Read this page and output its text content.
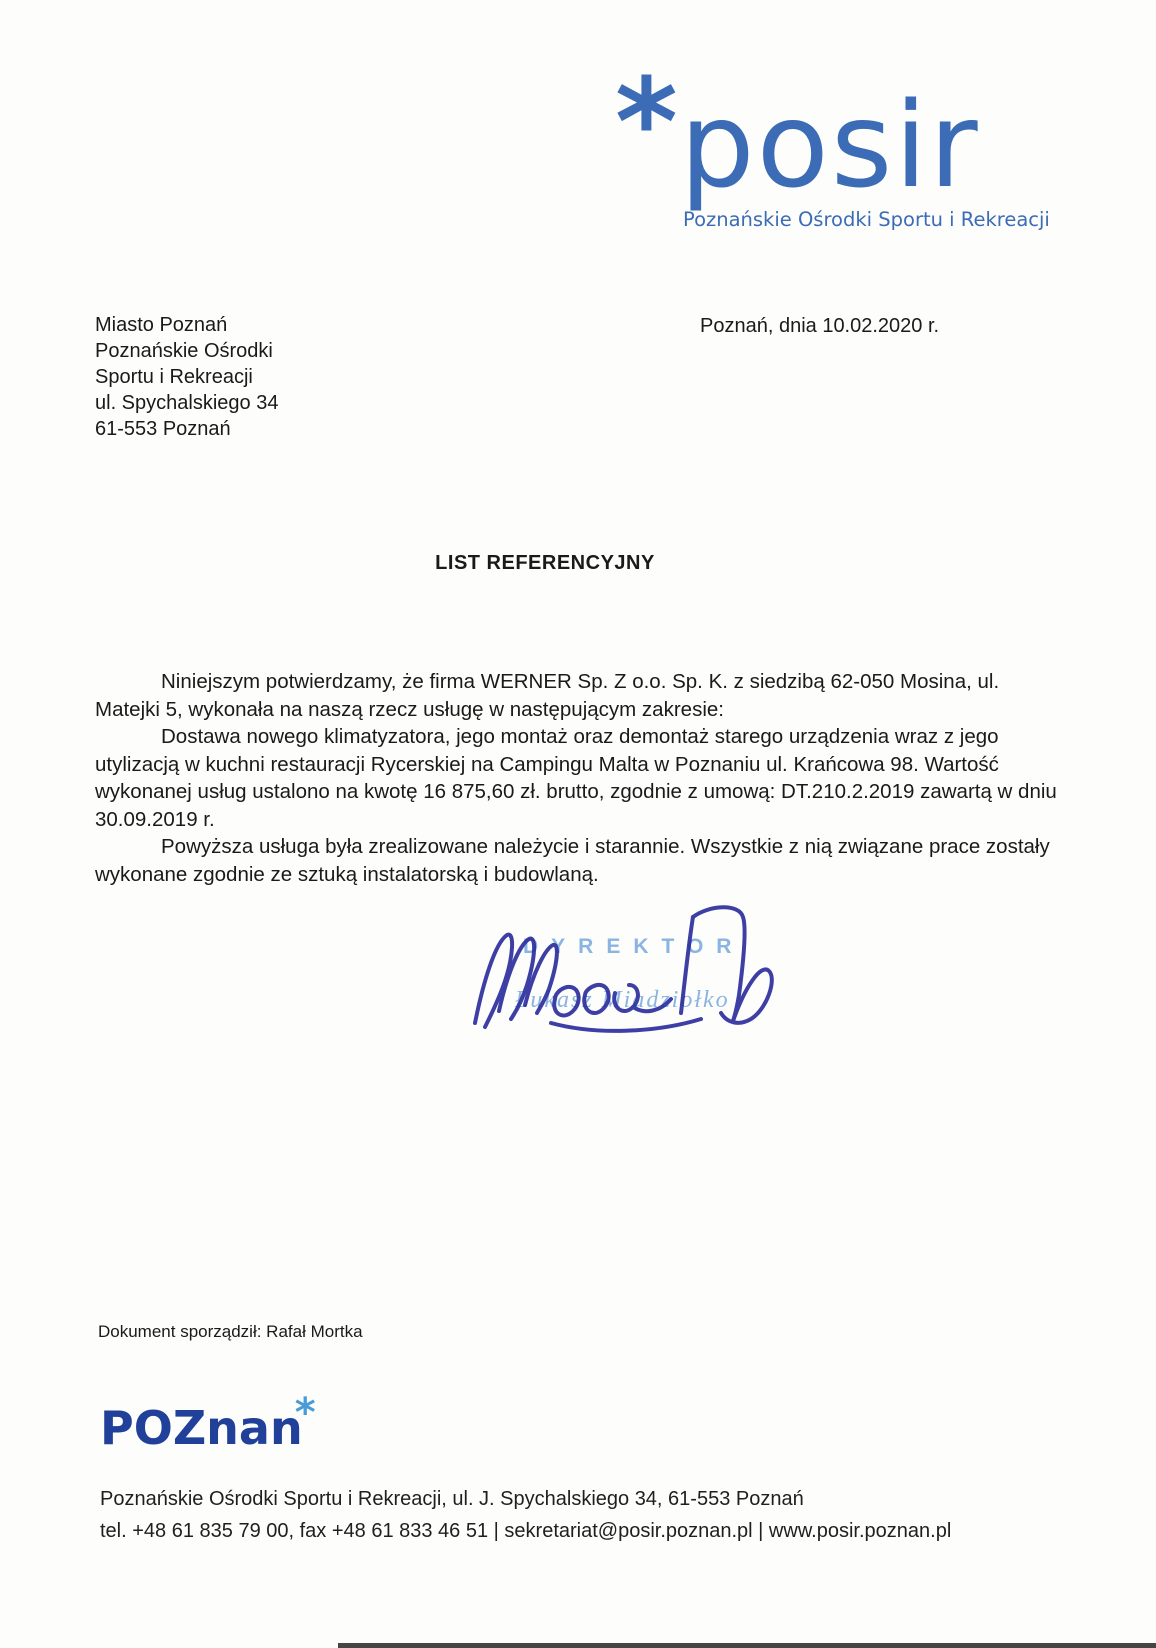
* posir
Poznańskie Ośrodki Sportu i Rekreacji
Miasto Poznań
Poznańskie Ośrodki
Sportu i Rekreacji
ul. Spychalskiego 34
61-553 Poznań
Poznań, dnia 10.02.2020 r.
LIST REFERENCYJNY

Niniejszym potwierdzamy, że firma WERNER Sp. Z o.o. Sp. K. z siedzibą 62-050 Mosina, ul. Matejki 5, wykonała na naszą rzecz usługę w następującym zakresie:

Dostawa nowego klimatyzatora, jego montaż oraz demontaż starego urządzenia wraz z jego utylizacją w kuchni restauracji Rycerskiej na Campingu Malta w Poznaniu ul. Krańcowa 98. Wartość wykonanej usług ustalono na kwotę 16 875,60 zł. brutto, zgodnie z umową: DT.210.2.2019 zawartą w dniu 30.09.2019 r.

Powyższa usługa była zrealizowane należycie i starannie. Wszystkie z nią związane prace zostały wykonane zgodnie ze sztuką instalatorską i budowlaną.

DYREKTOR
Łukasz Miadziołko
Dokument sporządził: Rafał Mortka
POZnan*
Poznańskie Ośrodki Sportu i Rekreacji, ul. J. Spychalskiego 34, 61-553 Poznań
tel. +48 61 835 79 00, fax +48 61 833 46 51 | sekretariat@posir.poznan.pl | www.posir.poznan.pl
